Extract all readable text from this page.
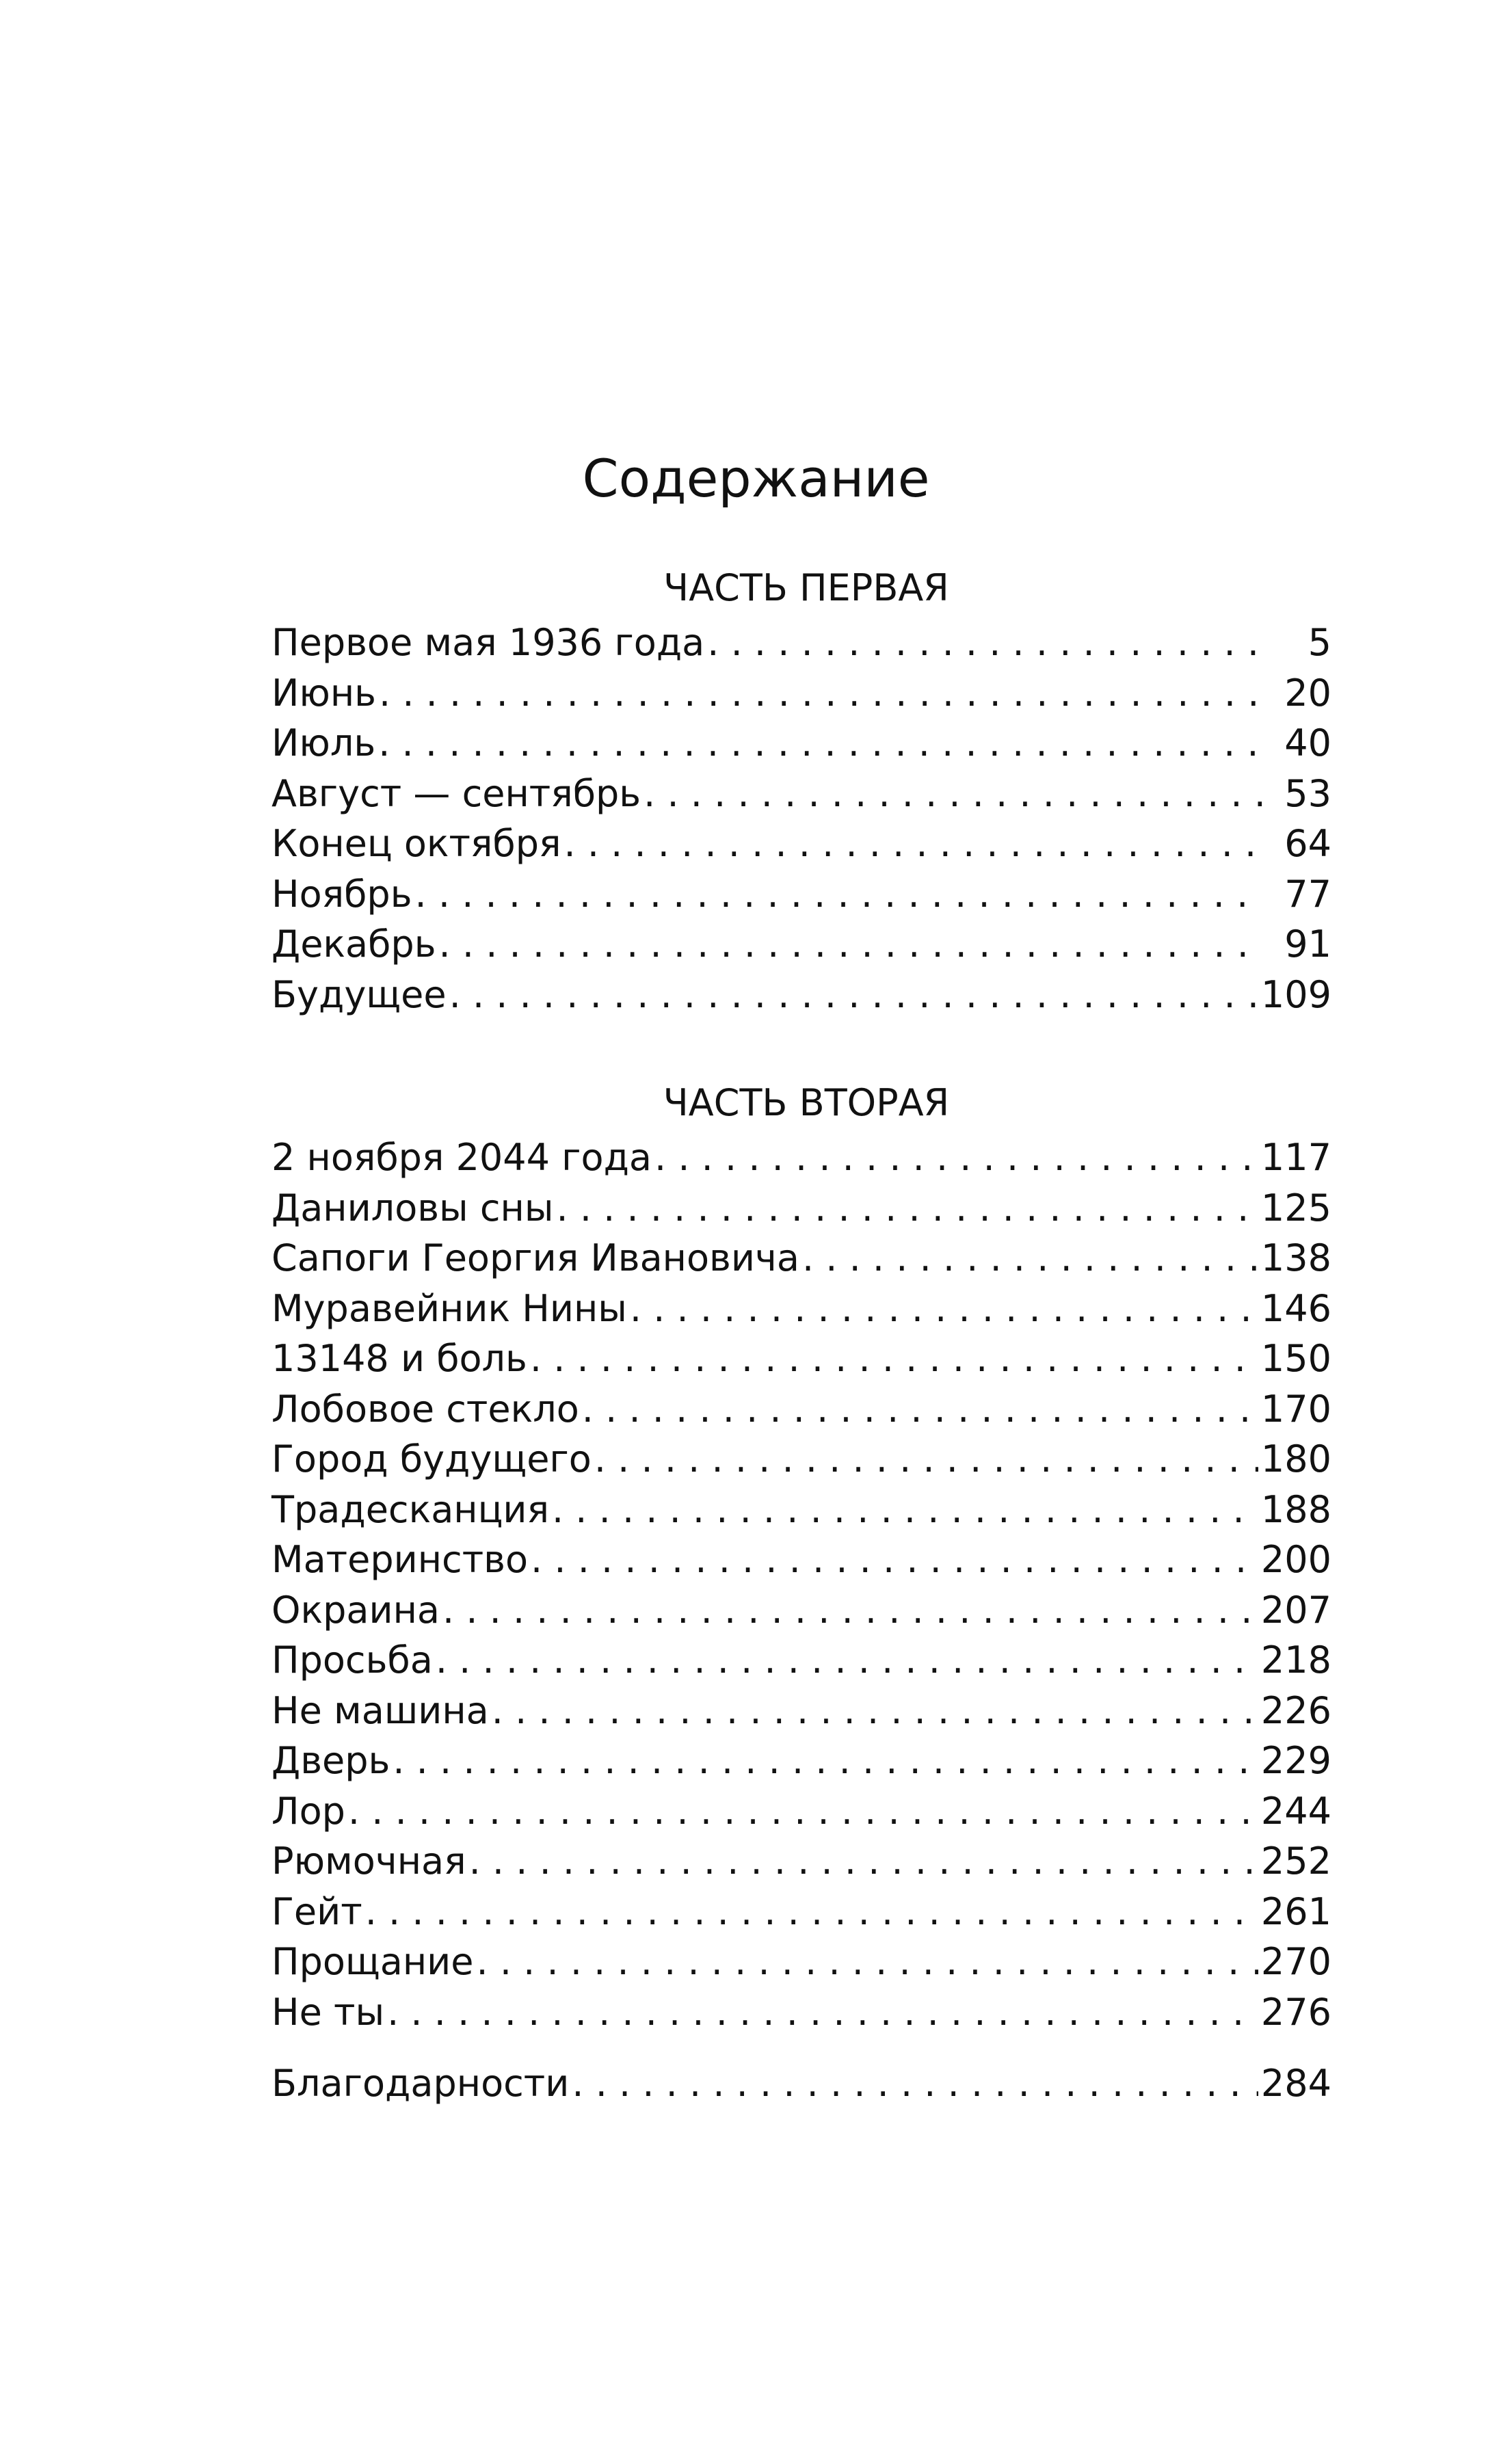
Содержание
ЧАСТЬ ПЕРВАЯ
Первое мая 1936 года . . .	5
Июнь . . .	20
Июль . . .	40
Август — сентябрь . . .	53
Конец октября . . .	64
Ноябрь . . .	77
Декабрь . . .	91
Будущее . . .	109
ЧАСТЬ ВТОРАЯ
2 ноября 2044 года . . .	117
Даниловы сны . . .	125
Сапоги Георгия Ивановича . . .	138
Муравейник Нины . . .	146
13148 и боль . . .	150
Лобовое стекло . . .	170
Город будущего . . .	180
Традесканция . . .	188
Материнство . . .	200
Окраина . . .	207
Просьба . . .	218
Не машина . . .	226
Дверь . . .	229
Лор . . .	244
Рюмочная . . .	252
Гейт . . .	261
Прощание . . .	270
Не ты . . .	276
Благодарности . . .	284
